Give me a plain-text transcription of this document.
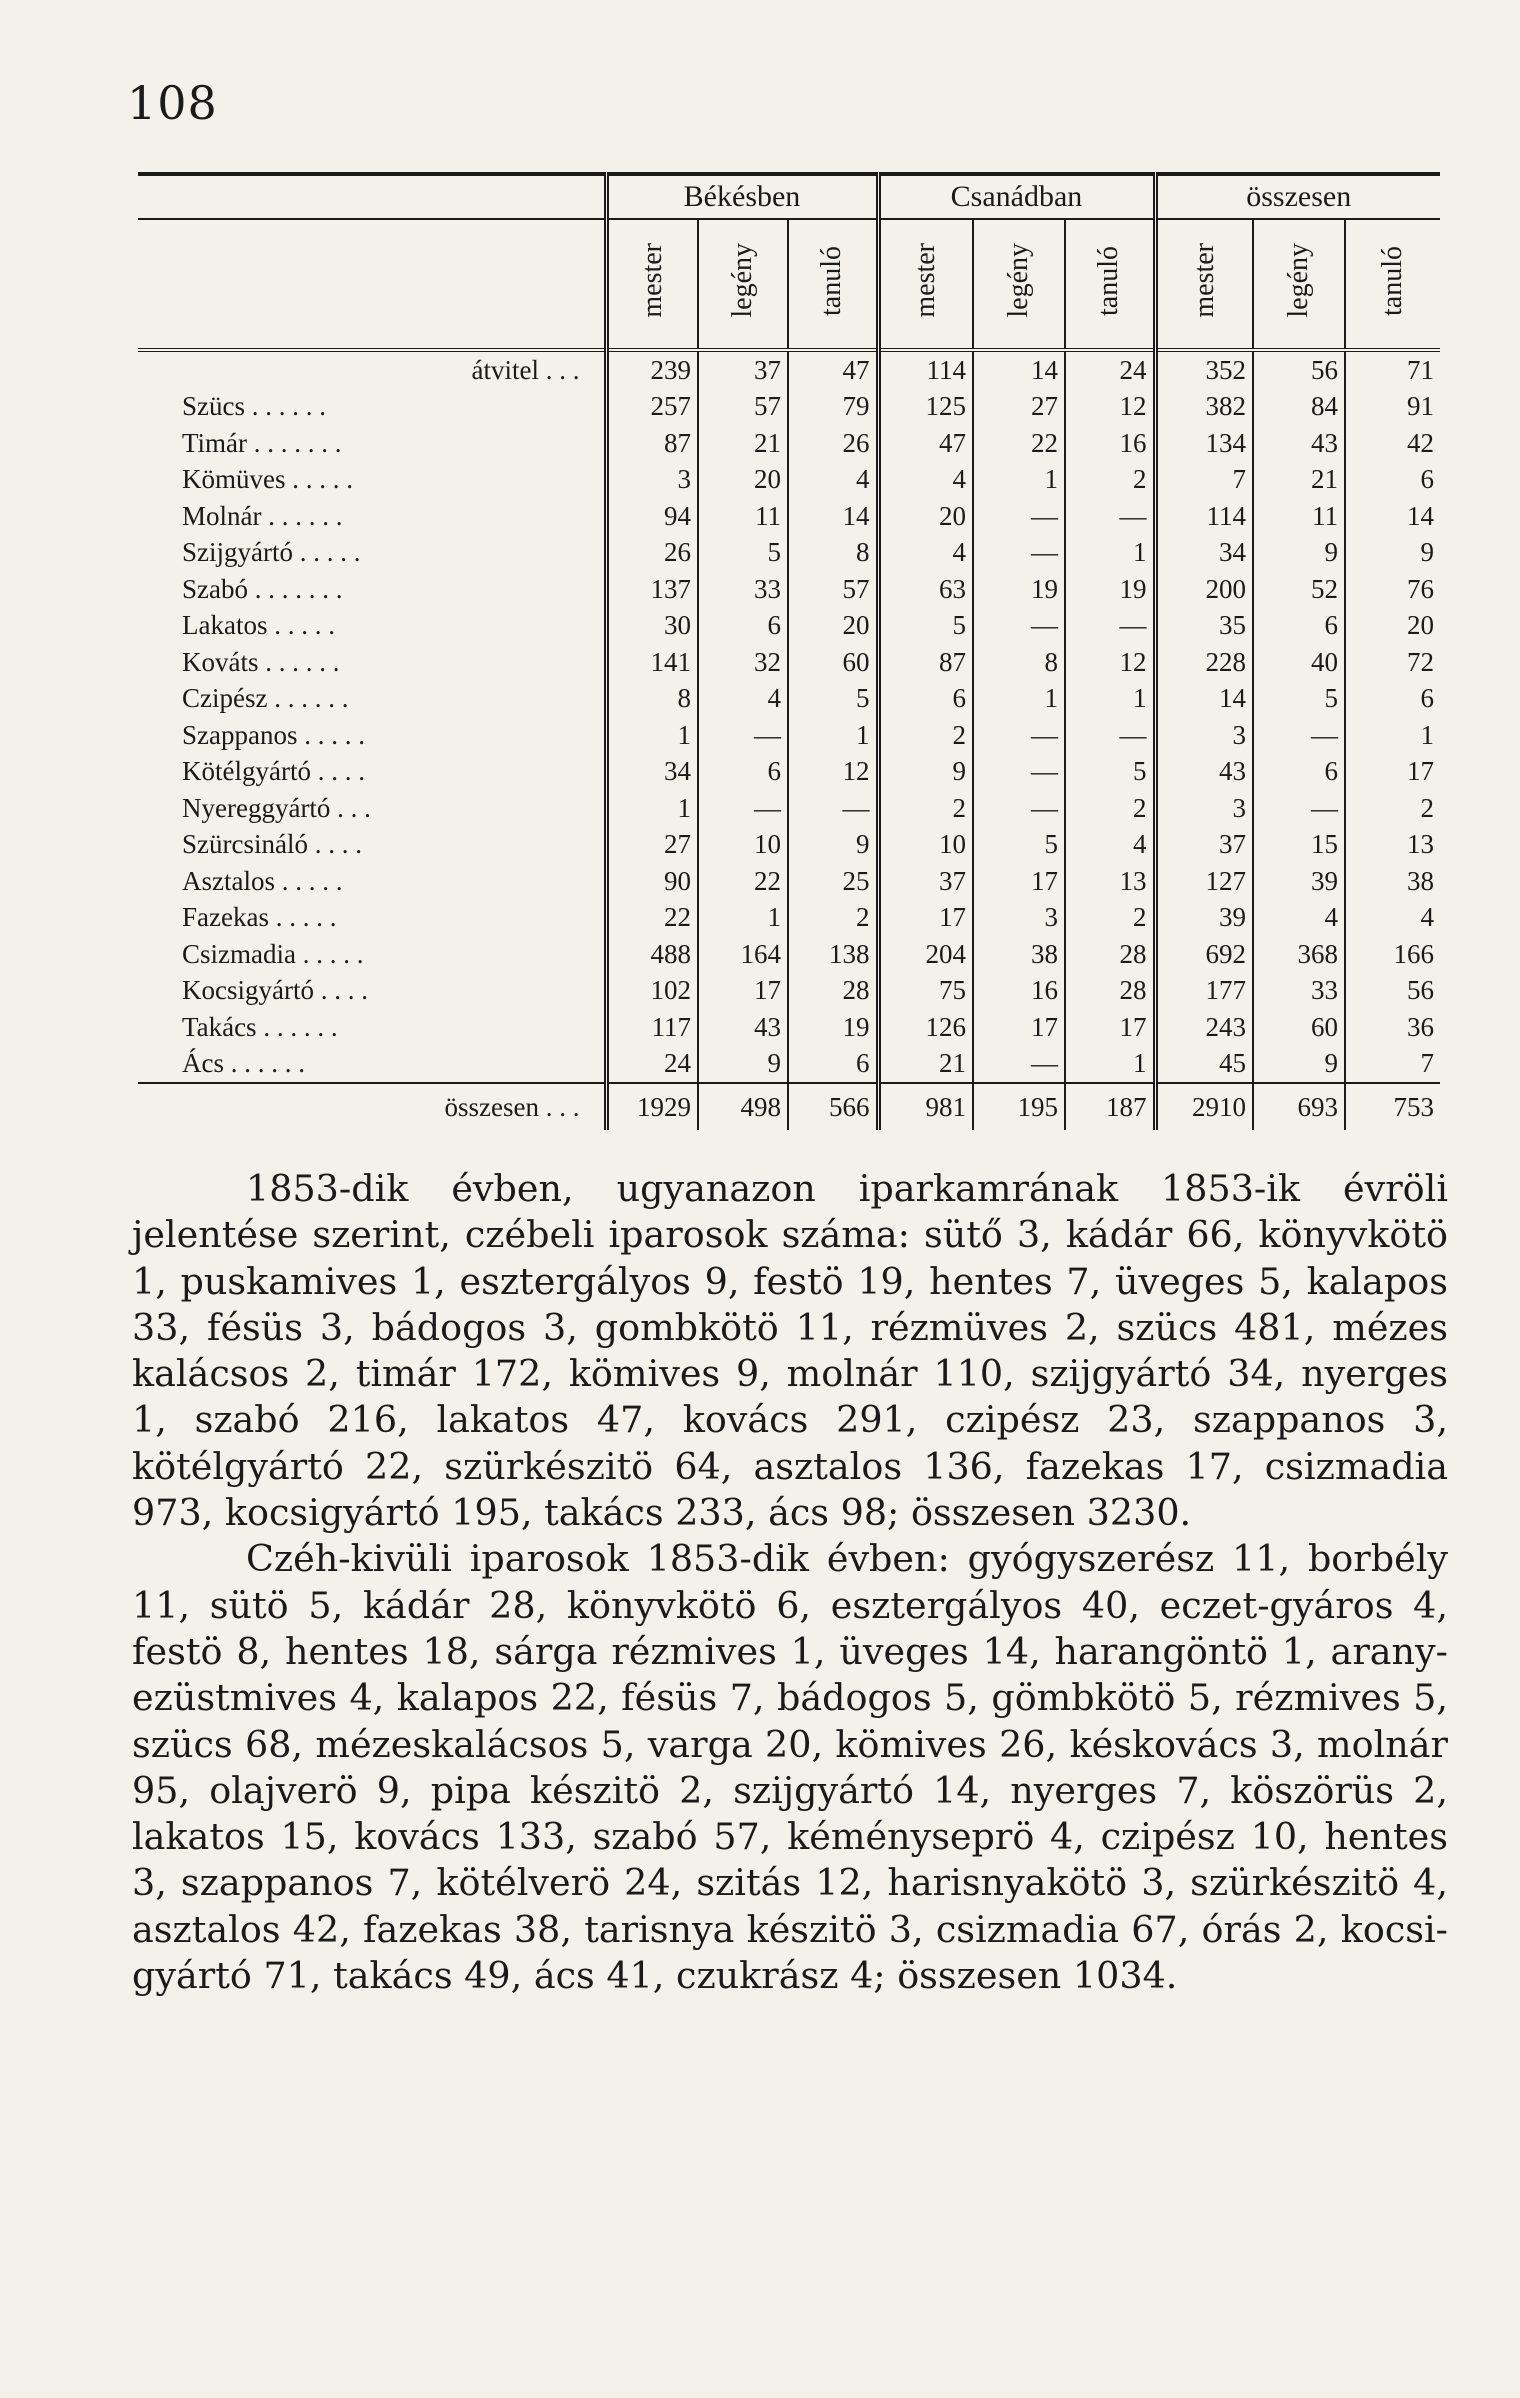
108
	Békésben			Csanádban			összesen		
	mester	legény	tanuló	mester	legény	tanuló	mester	legény	tanuló
átvitel . . .	239	37	47	114	14	24	352	56	71
Szücs . . . . . .	257	57	79	125	27	12	382	84	91
Timár . . . . . . .	87	21	26	47	22	16	134	43	42
Kömüves . . . . .	3	20	4	4	1	2	7	21	6
Molnár . . . . . .	94	11	14	20	—	—	114	11	14
Szijgyártó . . . . .	26	5	8	4	—	1	34	9	9
Szabó . . . . . . .	137	33	57	63	19	19	200	52	76
Lakatos . . . . .	30	6	20	5	—	—	35	6	20
Kováts . . . . . .	141	32	60	87	8	12	228	40	72
Czipész . . . . . .	8	4	5	6	1	1	14	5	6
Szappanos . . . . .	1	—	1	2	—	—	3	—	1
Kötélgyártó . . . .	34	6	12	9	—	5	43	6	17
Nyereggyártó . . .	1	—	—	2	—	2	3	—	2
Szürcsináló . . . .	27	10	9	10	5	4	37	15	13
Asztalos . . . . .	90	22	25	37	17	13	127	39	38
Fazekas . . . . .	22	1	2	17	3	2	39	4	4
Csizmadia . . . . .	488	164	138	204	38	28	692	368	166
Kocsigyártó . . . .	102	17	28	75	16	28	177	33	56
Takács . . . . . .	117	43	19	126	17	17	243	60	36
Ács . . . . . .	24	9	6	21	—	1	45	9	7
összesen . . .	1929	498	566	981	195	187	2910	693	753

1853-dik évben, ugyanazon iparkamrának 1853-ik évröli jelentése szerint, czébeli iparosok száma: sütő 3, kádár 66, könyvkötö 1, puskamives 1, esztergályos 9, festö 19, hentes 7, üveges 5, kalapos 33, fésüs 3, bádogos 3, gombkötö 11, rézmüves 2, szücs 481, mézes kalácsos 2, timár 172, kömives 9, molnár 110, szijgyártó 34, nyerges 1, szabó 216, lakatos 47, kovács 291, czipész 23, szappanos 3, kötélgyártó 22, szürkészitö 64, asztalos 136, fazekas 17, csizmadia 973, kocsigyártó 195, takács 233, ács 98; összesen 3230.

Czéh-kivüli iparosok 1853-dik évben: gyógyszerész 11, borbély 11, sütö 5, kádár 28, könyvkötö 6, esztergályos 40, eczet-gyáros 4, festö 8, hentes 18, sárga rézmives 1, üveges 14, harangöntö 1, arany- ezüstmives 4, kalapos 22, fésüs 7, bádogos 5, gömbkötö 5, rézmives 5, szücs 68, mézeskalácsos 5, varga 20, kömives 26, késkovács 3, molnár 95, olajverö 9, pipa készitö 2, szijgyártó 14, nyerges 7, köszörüs 2, lakatos 15, kovács 133, szabó 57, kéményseprö 4, czipész 10, hentes 3, szappanos 7, kötélverö 24, szitás 12, harisnyakötö 3, szürkészitö 4, asztalos 42, fazekas 38, tarisnya készitö 3, csizmadia 67, órás 2, kocsi-gyártó 71, takács 49, ács 41, czukrász 4; összesen 1034.
